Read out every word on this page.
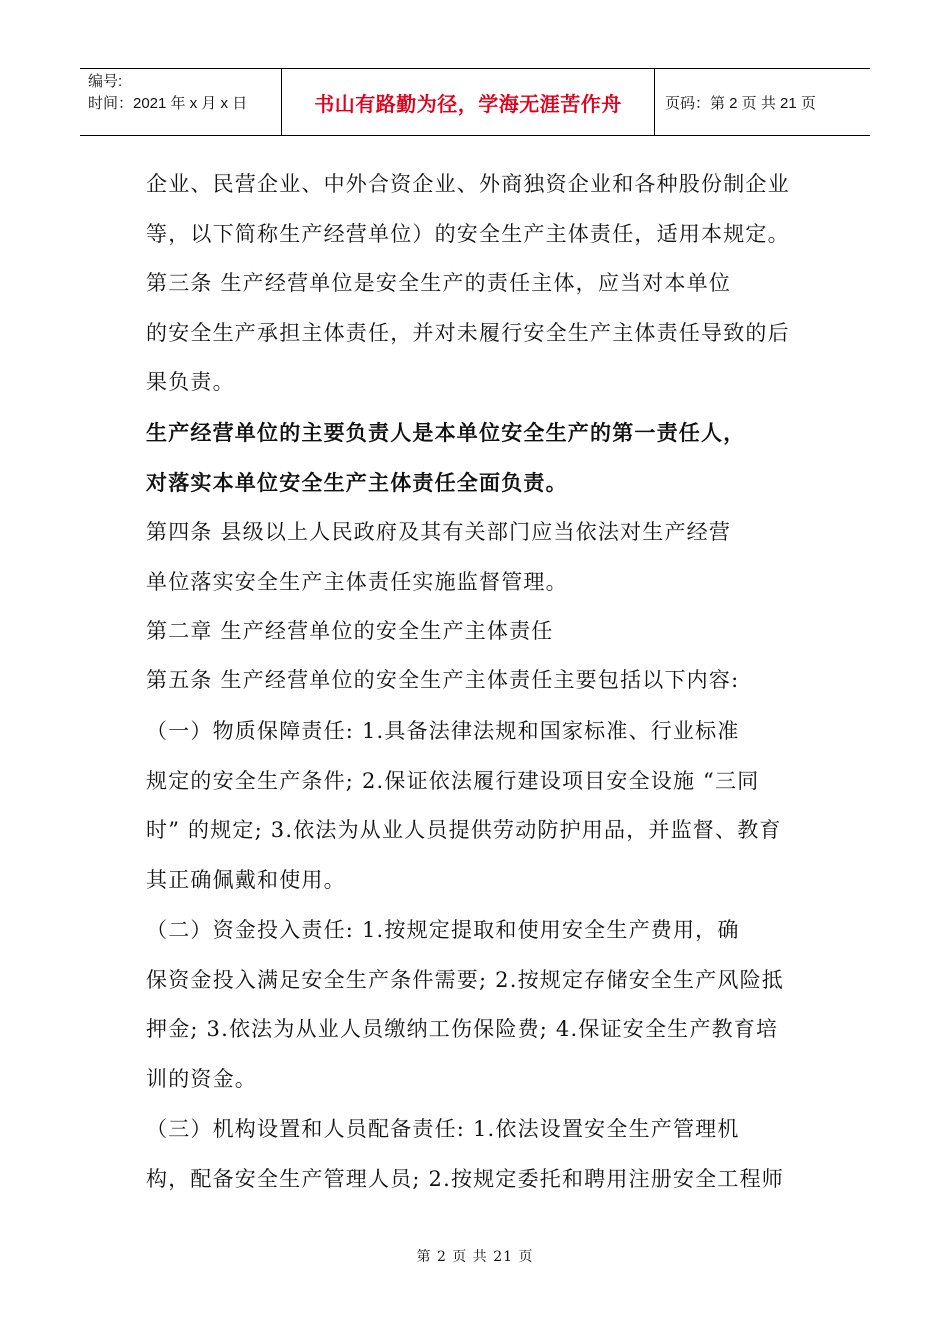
编号:
时间：2021 年 x 月 x 日	书山有路勤为径，学海无涯苦作舟	页码：第 2 页 共 21 页
企业、民营企业、中外合资企业、外商独资企业和各种股份制企业
等，以下简称生产经营单位）的安全生产主体责任，适用本规定。
第三条 生产经营单位是安全生产的责任主体，应当对本单位
的安全生产承担主体责任，并对未履行安全生产主体责任导致的后
果负责。
生产经营单位的主要负责人是本单位安全生产的第一责任人，
对落实本单位安全生产主体责任全面负责。
第四条 县级以上人民政府及其有关部门应当依法对生产经营
单位落实安全生产主体责任实施监督管理。
第二章 生产经营单位的安全生产主体责任
第五条 生产经营单位的安全生产主体责任主要包括以下内容:
（一）物质保障责任: 1.具备法律法规和国家标准、行业标准
规定的安全生产条件; 2.保证依法履行建设项目安全设施 “三同
时” 的规定; 3.依法为从业人员提供劳动防护用品，并监督、教育
其正确佩戴和使用。
（二）资金投入责任: 1.按规定提取和使用安全生产费用，确
保资金投入满足安全生产条件需要; 2.按规定存储安全生产风险抵
押金; 3.依法为从业人员缴纳工伤保险费; 4.保证安全生产教育培
训的资金。
（三）机构设置和人员配备责任: 1.依法设置安全生产管理机
构，配备安全生产管理人员; 2.按规定委托和聘用注册安全工程师
第 2 页 共 21 页
